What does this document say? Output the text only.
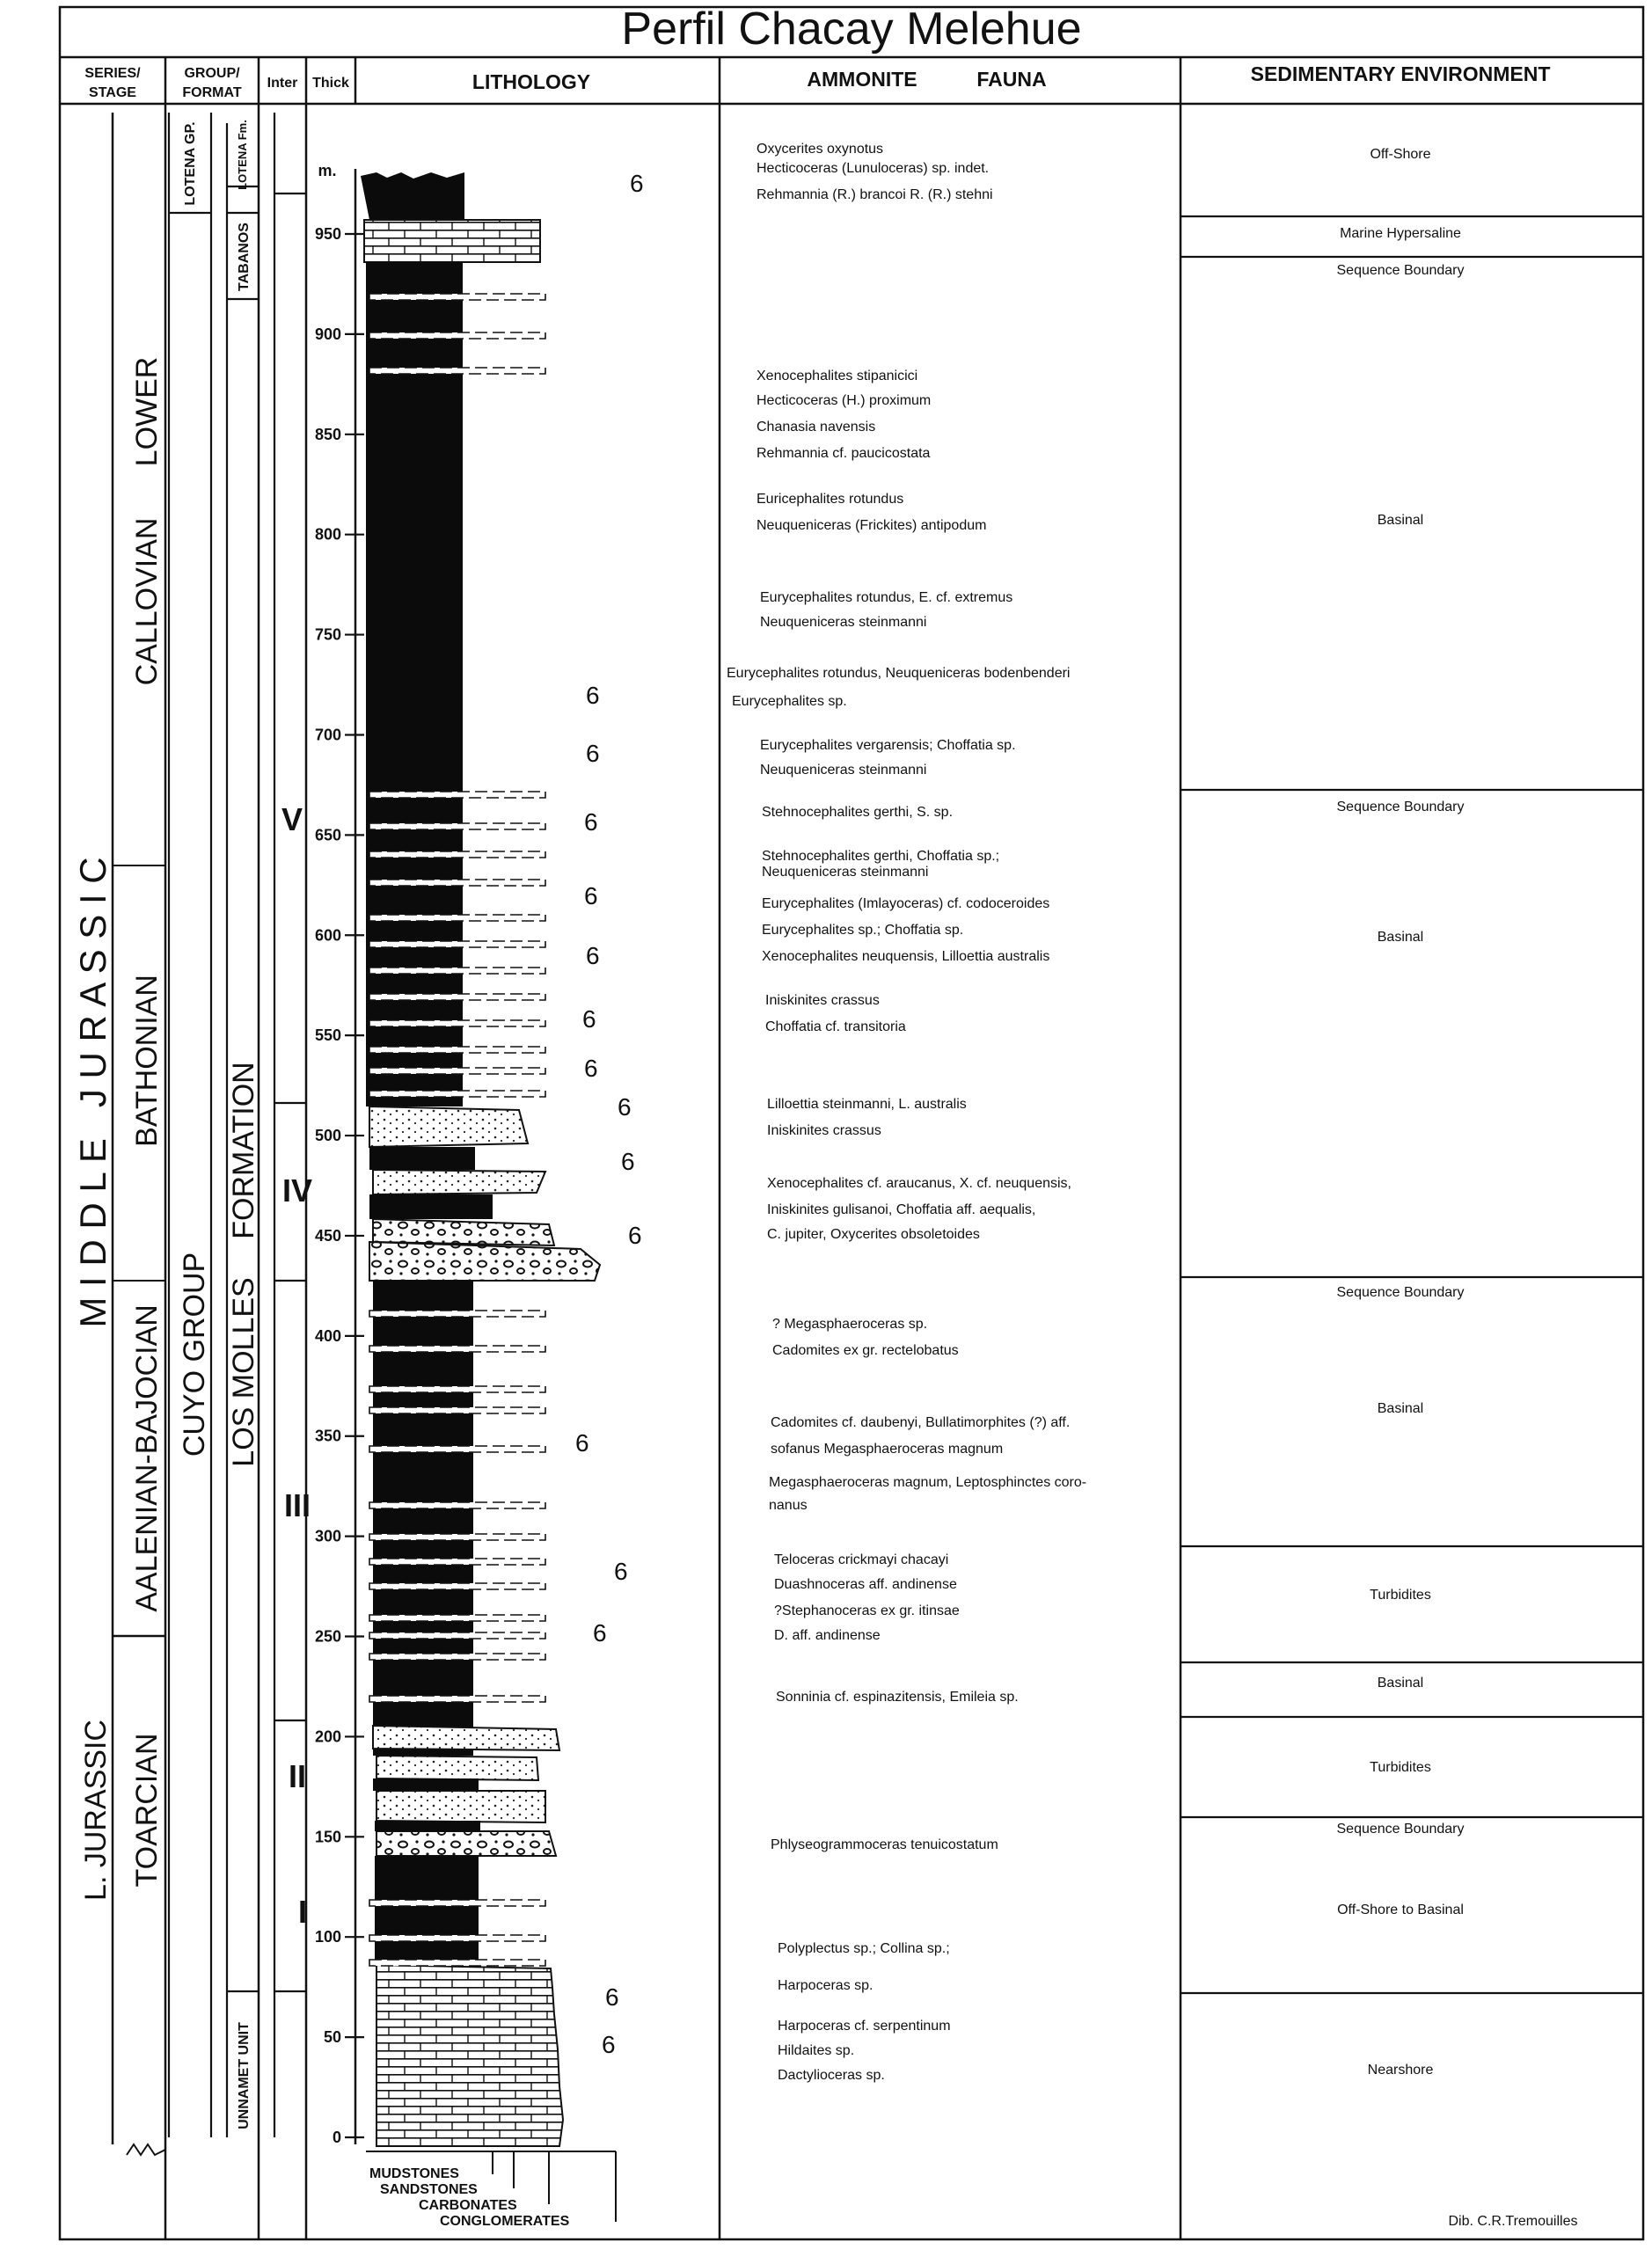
Perfil Chacay Melehue
SERIES/
STAGE
GROUP/
FORMAT
Inter Thick	LITHOLOGY	AMMONITE	FAUNA	SEDIMENTARY ENVIRONMENT
M I D D L E   J U R A S S I C
L. JURASSIC
LOWER
CALLOVIAN
BATHONIAN
AALENIAN-BAJOCIAN
TOARCIAN
LOTENA GP.
CUYO GROUP
LOTENA Fm.
TABANOS
FORMATION
LOS MOLLES
UNNAMET UNIT
V
IV
III
II
I
m.
950
900
850
800
750
700
650
600
550
500
450
400
350
300
250
200
150
100
50
0
6
6
6
6
6
6
6
6
6
6
6
6
6
6
6
6
MUDSTONES
SANDSTONES
CARBONATES
CONGLOMERATES
Oxycerites oxynotus
Hecticoceras (Lunuloceras) sp. indet.
Rehmannia (R.) brancoi R. (R.) stehni
Xenocephalites stipanicici
Hecticoceras (H.) proximum
Chanasia navensis
Rehmannia cf. paucicostata
Euricephalites rotundus
Neuqueniceras (Frickites) antipodum
Eurycephalites rotundus, E. cf. extremus
Neuqueniceras steinmanni
Eurycephalites rotundus, Neuqueniceras bodenbenderi
Eurycephalites sp.
Eurycephalites vergarensis; Choffatia sp.
Neuqueniceras steinmanni
Stehnocephalites gerthi, S. sp.
Stehnocephalites gerthi, Choffatia sp.;
Neuqueniceras steinmanni
Eurycephalites (Imlayoceras) cf. codoceroides
Eurycephalites sp.; Choffatia sp.
Xenocephalites neuquensis, Lilloettia australis
Iniskinites crassus
Choffatia cf. transitoria
Lilloettia steinmanni, L. australis
Iniskinites crassus
Xenocephalites cf. araucanus, X. cf. neuquensis,
Iniskinites gulisanoi, Choffatia aff. aequalis,
C. jupiter, Oxycerites obsoletoides
? Megasphaeroceras sp.
Cadomites ex gr. rectelobatus
Cadomites cf. daubenyi, Bullatimorphites (?) aff.
sofanus Megasphaeroceras magnum
Megasphaeroceras magnum, Leptosphinctes coro-
nanus
Teloceras crickmayi chacayi
Duashnoceras aff. andinense
?Stephanoceras ex gr. itinsae
D. aff. andinense
Sonninia cf. espinazitensis, Emileia sp.
Phlyseogrammoceras tenuicostatum
Polyplectus sp.; Collina sp.;
Harpoceras sp.
Harpoceras cf. serpentinum
Hildaites sp.
Dactylioceras sp.
Off-Shore
Marine Hypersaline
Sequence Boundary
Basinal
Sequence Boundary
Basinal
Sequence Boundary
Basinal
Turbidites
Basinal
Turbidites
Sequence Boundary
Off-Shore to Basinal
Nearshore
Dib. C.R.Tremouilles
